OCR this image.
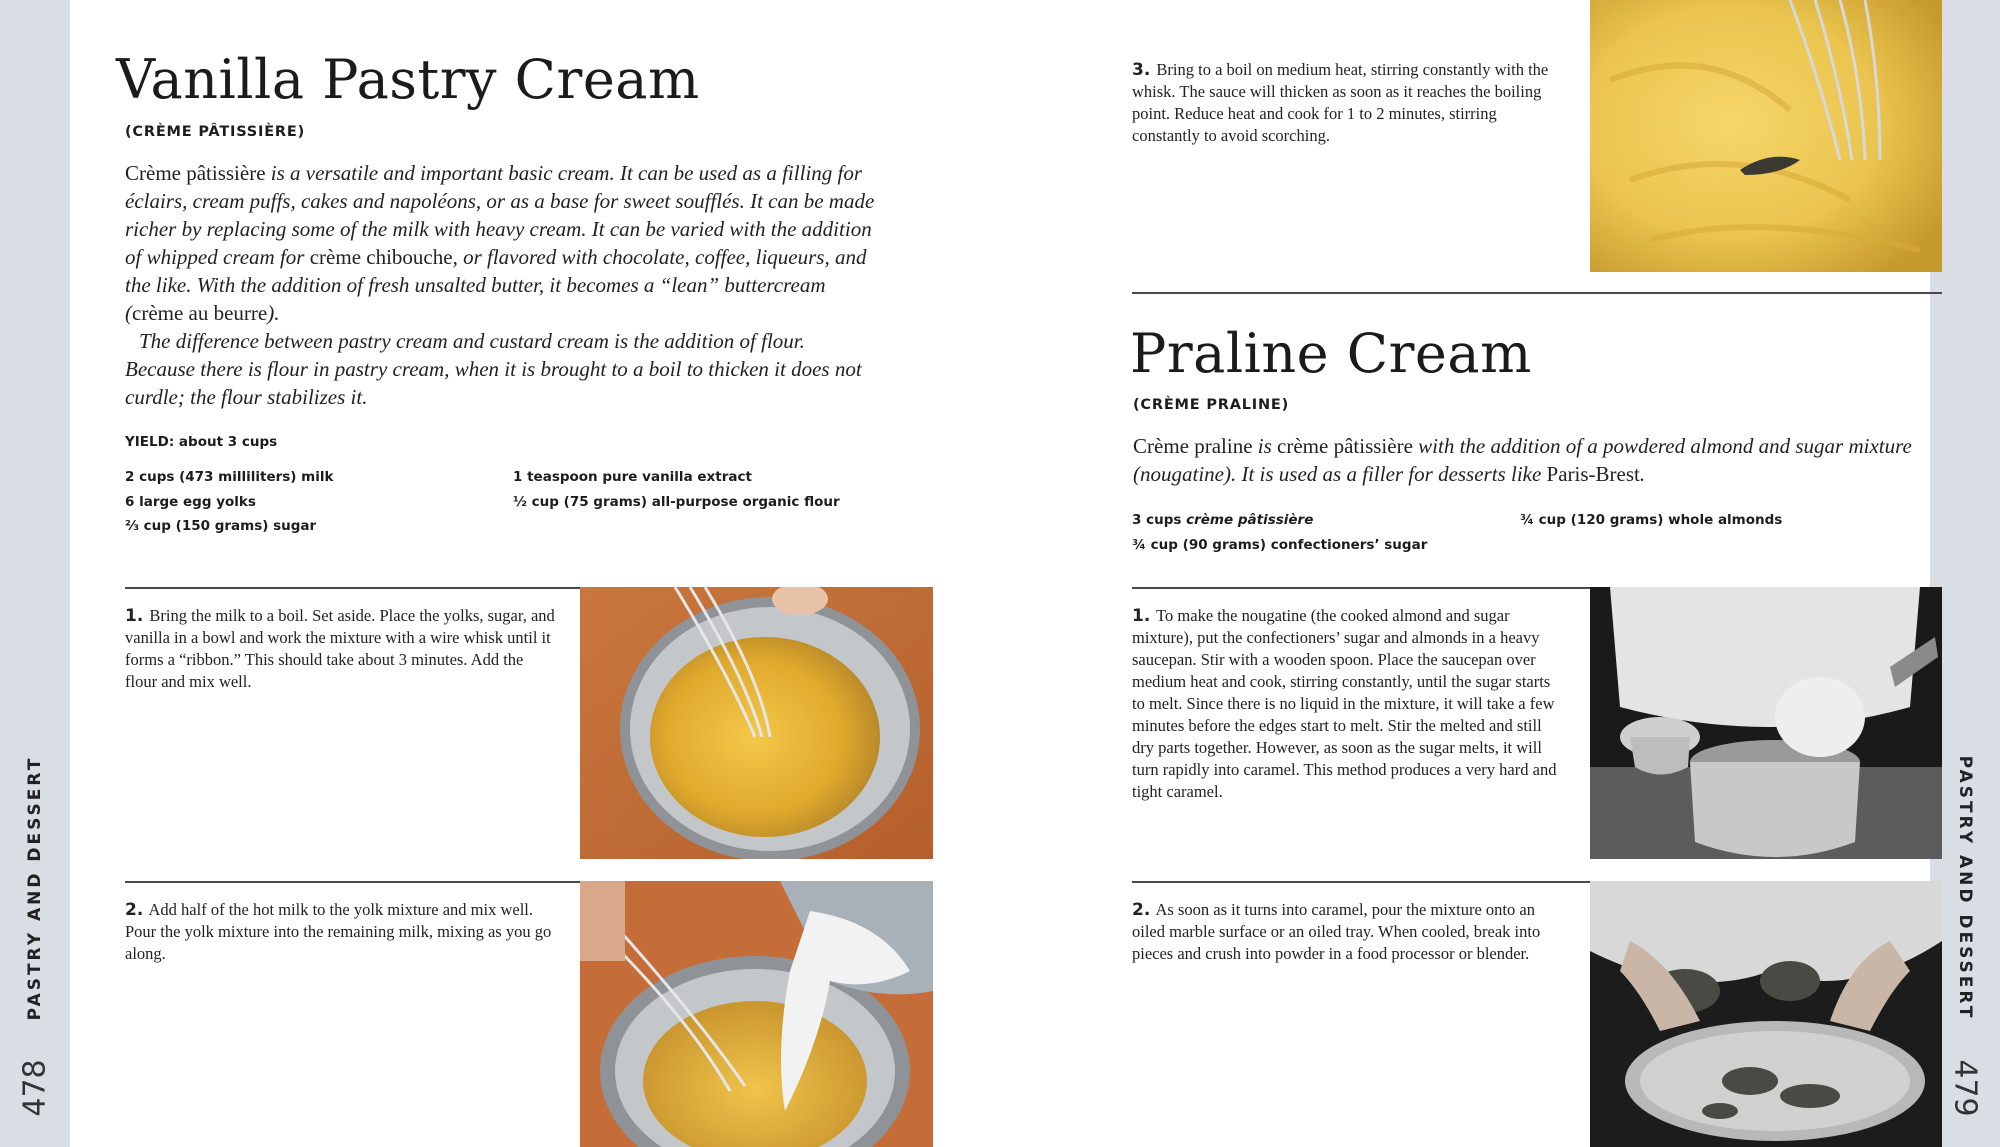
PASTRY AND DESSERT
478
PASTRY AND DESSERT
479
Vanilla Pastry Cream
(CRÈME PÂTISSIÈRE)

Crème pâtissière is a versatile and important basic cream. It can be used as a filling for éclairs, cream puffs, cakes and napoléons, or as a base for sweet soufflés. It can be made richer by replacing some of the milk with heavy cream. It can be varied with the addition of whipped cream for crème chibouche, or flavored with chocolate, coffee, liqueurs, and the like. With the addition of fresh unsalted butter, it becomes a “lean” buttercream (crème au beurre).

The difference between pastry cream and custard cream is the addition of flour. Because there is flour in pastry cream, when it is brought to a boil to thicken it does not curdle; the flour stabilizes it.

YIELD: about 3 cups
2 cups (473 milliliters) milk
6 large egg yolks
⅔ cup (150 grams) sugar
1 teaspoon pure vanilla extract
½ cup (75 grams) all-purpose organic flour
1. Bring the milk to a boil. Set aside. Place the yolks, sugar, and vanilla in a bowl and work the mixture with a wire whisk until it forms a “ribbon.” This should take about 3 minutes. Add the flour and mix well.
2. Add half of the hot milk to the yolk mixture and mix well. Pour the yolk mixture into the remaining milk, mixing as you go along.
3. Bring to a boil on medium heat, stirring constantly with the whisk. The sauce will thicken as soon as it reaches the boiling point. Reduce heat and cook for 1 to 2 minutes, stirring constantly to avoid scorching.
Praline Cream
(CRÈME PRALINE)

Crème praline is crème pâtissière with the addition of a powdered almond and sugar mixture (nougatine). It is used as a filler for desserts like Paris-Brest.

3 cups crème pâtissière
¾ cup (90 grams) confectioners’ sugar
¾ cup (120 grams) whole almonds
1. To make the nougatine (the cooked almond and sugar mixture), put the confectioners’ sugar and almonds in a heavy saucepan. Stir with a wooden spoon. Place the saucepan over medium heat and cook, stirring constantly, until the sugar starts to melt. Since there is no liquid in the mixture, it will take a few minutes before the edges start to melt. Stir the melted and still dry parts together. However, as soon as the sugar melts, it will turn rapidly into caramel. This method produces a very hard and tight caramel.
2. As soon as it turns into caramel, pour the mixture onto an oiled marble surface or an oiled tray. When cooled, break into pieces and crush into powder in a food processor or blender.
